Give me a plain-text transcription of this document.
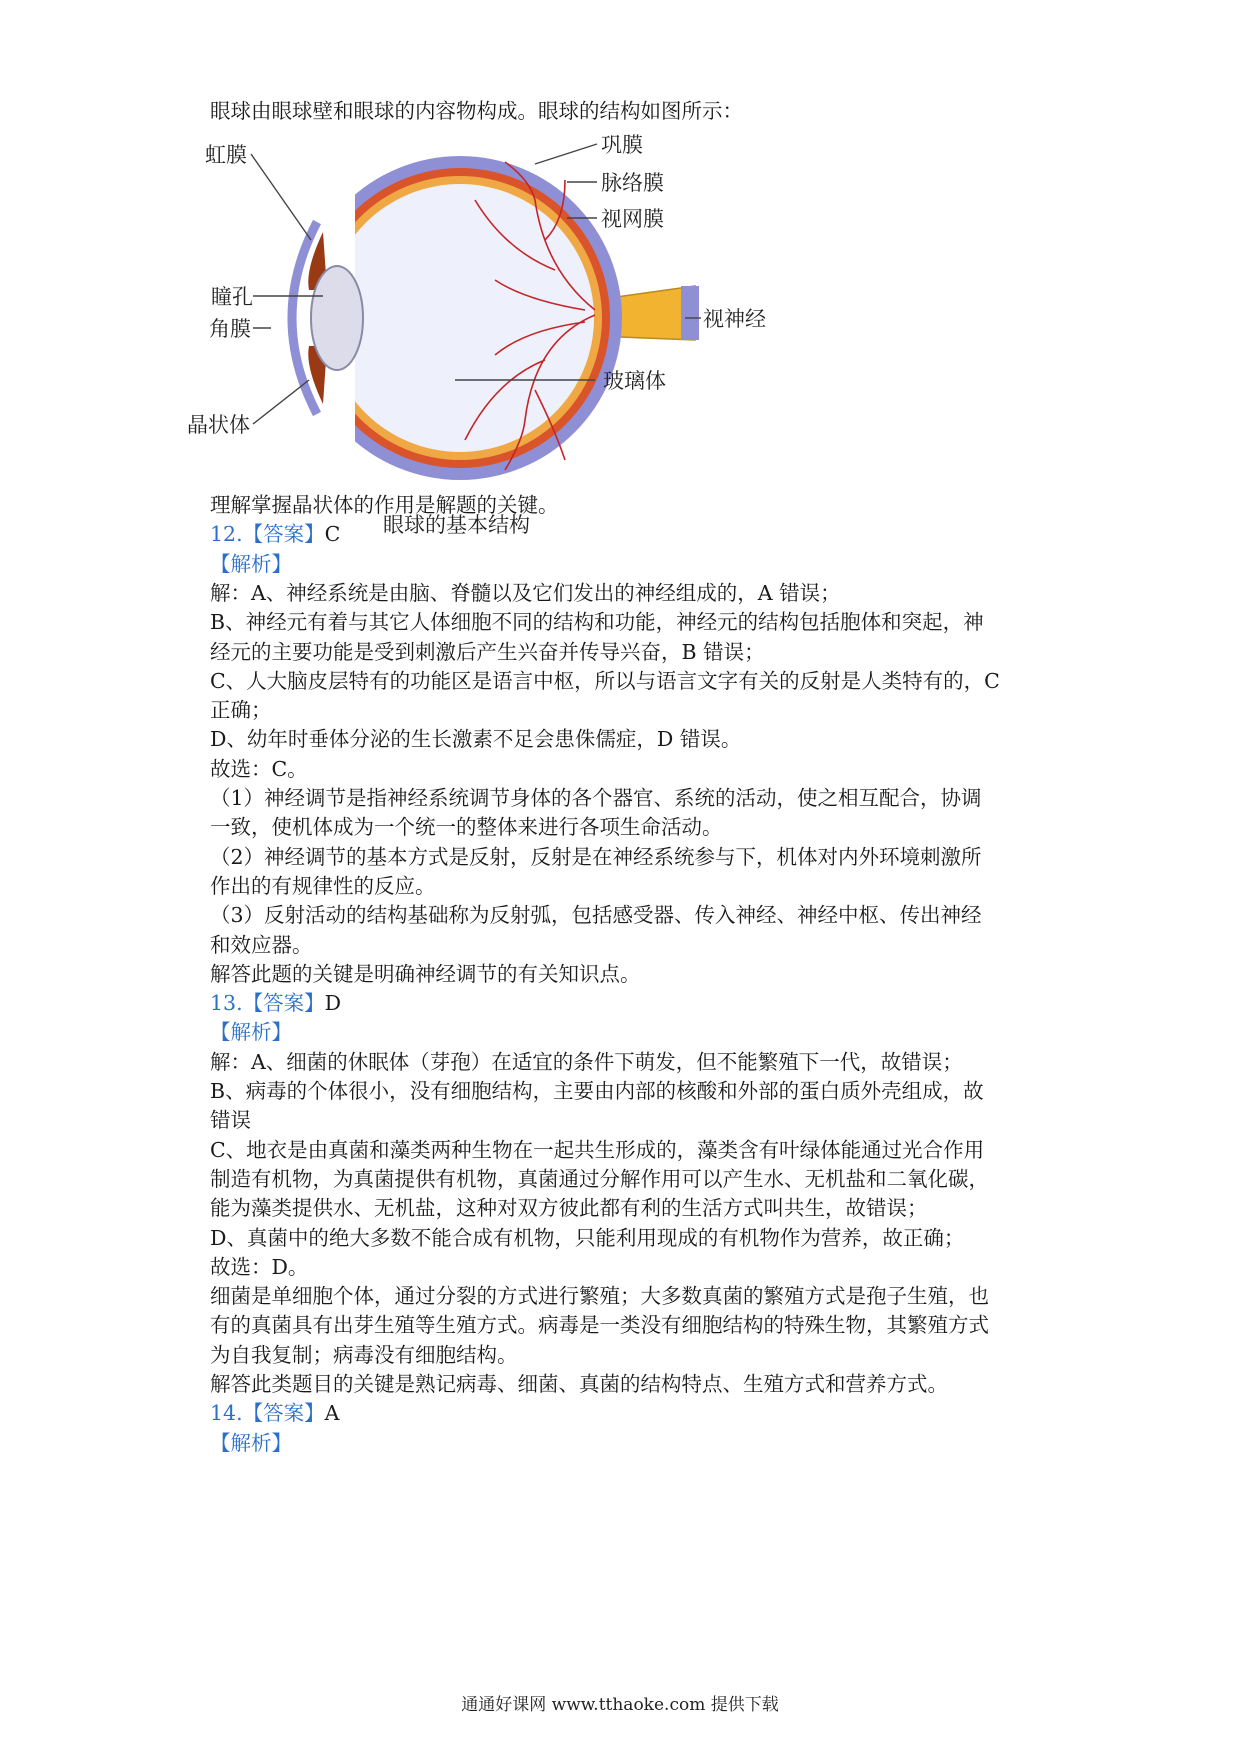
眼球由眼球壁和眼球的内容物构成。眼球的结构如图所示：
虹膜
瞳孔
角膜
晶状体
巩膜
脉络膜
视网膜
视神经
玻璃体
眼球的基本结构
理解掌握晶状体的作用是解题的关键。
12.【答案】C
【解析】
解：A、神经系统是由脑、脊髓以及它们发出的神经组成的，A 错误；
B、神经元有着与其它人体细胞不同的结构和功能，神经元的结构包括胞体和突起，神
经元的主要功能是受到刺激后产生兴奋并传导兴奋，B 错误；
C、人大脑皮层特有的功能区是语言中枢，所以与语言文字有关的反射是人类特有的，C
正确；
D、幼年时垂体分泌的生长激素不足会患侏儒症，D 错误。
故选：C。
（1）神经调节是指神经系统调节身体的各个器官、系统的活动，使之相互配合，协调
一致，使机体成为一个统一的整体来进行各项生命活动。
（2）神经调节的基本方式是反射，反射是在神经系统参与下，机体对内外环境刺激所
作出的有规律性的反应。
（3）反射活动的结构基础称为反射弧，包括感受器、传入神经、神经中枢、传出神经
和效应器。
解答此题的关键是明确神经调节的有关知识点。
13.【答案】D
【解析】
解：A、细菌的休眠体（芽孢）在适宜的条件下萌发，但不能繁殖下一代，故错误；
B、病毒的个体很小，没有细胞结构，主要由内部的核酸和外部的蛋白质外壳组成，故
错误
C、地衣是由真菌和藻类两种生物在一起共生形成的，藻类含有叶绿体能通过光合作用
制造有机物，为真菌提供有机物，真菌通过分解作用可以产生水、无机盐和二氧化碳，
能为藻类提供水、无机盐，这种对双方彼此都有利的生活方式叫共生，故错误；
D、真菌中的绝大多数不能合成有机物，只能利用现成的有机物作为营养，故正确；
故选：D。
细菌是单细胞个体，通过分裂的方式进行繁殖；大多数真菌的繁殖方式是孢子生殖，也
有的真菌具有出芽生殖等生殖方式。病毒是一类没有细胞结构的特殊生物，其繁殖方式
为自我复制；病毒没有细胞结构。
解答此类题目的关键是熟记病毒、细菌、真菌的结构特点、生殖方式和营养方式。
14.【答案】A
【解析】
通通好课网 www.tthaoke.com 提供下载
